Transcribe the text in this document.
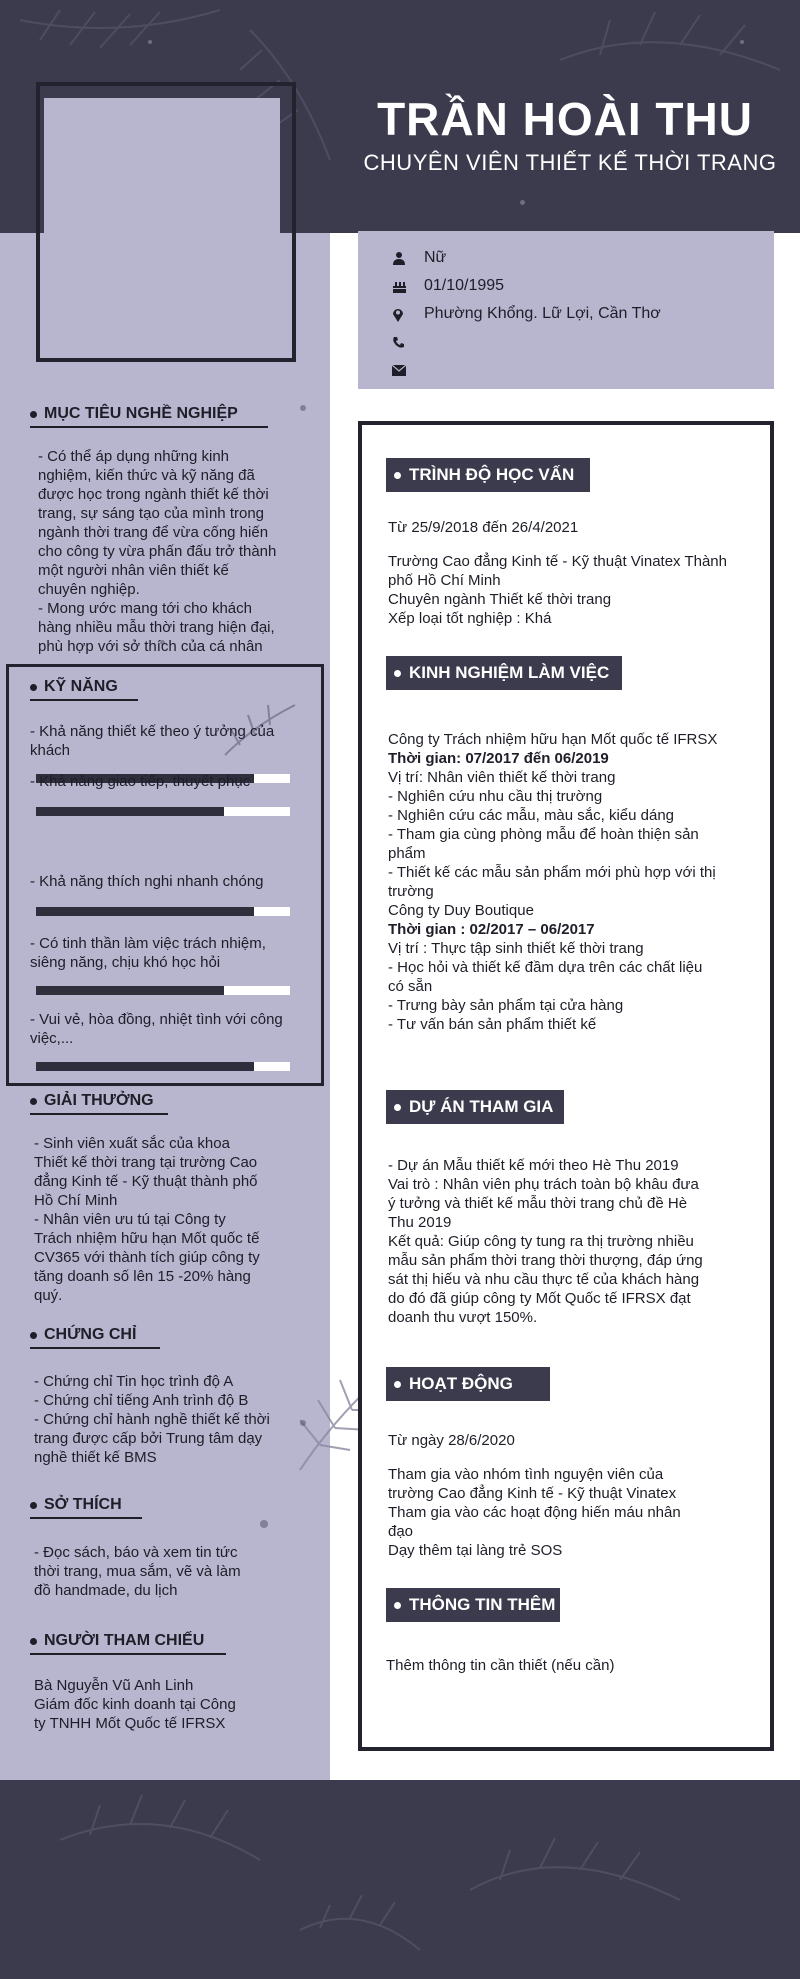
TRẦN HOÀI THU
CHUYÊN VIÊN THIẾT KẾ THỜI TRANG
Nữ
01/10/1995
Phường Khổng. Lữ Lợi, Cần Thơ
MỤC TIÊU NGHỀ NGHIỆP

- Có thể áp dụng những kinh

nghiệm, kiến thức và kỹ năng đã

được học trong ngành thiết kế thời

trang, sự sáng tạo của mình trong

ngành thời trang để vừa cống hiến

cho công ty vừa phấn đấu trở thành

một người nhân viên thiết kế

chuyên nghiệp.

- Mong ước mang tới cho khách

hàng nhiều mẫu thời trang hiện đại,

phù hợp với sở thích của cá nhân

KỸ NĂNG

- Khả năng thiết kế theo ý tưởng của

khách

- Khả năng giao tiếp, thuyết phục

- Khả năng thích nghi nhanh chóng

- Có tinh thần làm việc trách nhiệm,

siêng năng, chịu khó học hỏi

- Vui vẻ, hòa đồng, nhiệt tình với công

việc,...

GIẢI THƯỞNG

- Sinh viên xuất sắc của khoa

Thiết kế thời trang tại trường Cao

đẳng Kinh tế - Kỹ thuật thành phố

Hồ Chí Minh

- Nhân viên ưu tú tại Công ty

Trách nhiệm hữu hạn Mốt quốc tế

CV365 với thành tích giúp công ty

tăng doanh số lên 15 -20% hàng

quý.

CHỨNG CHỈ

- Chứng chỉ Tin học trình độ A

- Chứng chỉ tiếng Anh trình độ B

- Chứng chỉ hành nghề thiết kế thời

trang được cấp bởi Trung tâm dạy

nghề thiết kế BMS

SỞ THÍCH

- Đọc sách, báo và xem tin tức

thời trang, mua sắm, vẽ và làm

đồ handmade, du lịch

NGƯỜI THAM CHIẾU

Bà Nguyễn Vũ Anh Linh

Giám đốc kinh doanh tại Công

ty TNHH Mốt Quốc tế IFRSX

TRÌNH ĐỘ HỌC VẤN
Từ 25/9/2018 đến 26/4/2021

Trường Cao đẳng Kinh tế - Kỹ thuật Vinatex Thành

phố Hồ Chí Minh

Chuyên ngành Thiết kế thời trang

Xếp loại tốt nghiệp : Khá

KINH NGHIỆM LÀM VIỆC

Công ty Trách nhiệm hữu hạn Mốt quốc tế IFRSX

Thời gian: 07/2017 đến 06/2019

Vị trí: Nhân viên thiết kế thời trang

- Nghiên cứu nhu cầu thị trường

- Nghiên cứu các mẫu, màu sắc, kiểu dáng

- Tham gia cùng phòng mẫu để hoàn thiện sản

phẩm

- Thiết kế các mẫu sản phẩm mới phù hợp với thị

trường

Công ty Duy Boutique

Thời gian : 02/2017 – 06/2017

Vị trí : Thực tập sinh thiết kế thời trang

- Học hỏi và thiết kế đầm dựa trên các chất liệu

có sẵn

- Trưng bày sản phẩm tại cửa hàng

- Tư vấn bán sản phẩm thiết kế

DỰ ÁN THAM GIA

- Dự án Mẫu thiết kế mới theo Hè Thu 2019

Vai trò : Nhân viên phụ trách toàn bộ khâu đưa

ý tưởng và thiết kế mẫu thời trang chủ đề Hè

Thu 2019

Kết quả: Giúp công ty tung ra thị trường nhiều

mẫu sản phẩm thời trang thời thượng, đáp ứng

sát thị hiếu và nhu cầu thực tế của khách hàng

do đó đã giúp công ty Mốt Quốc tế IFRSX đạt

doanh thu vượt 150%.

HOẠT ĐỘNG
Từ ngày 28/6/2020

Tham gia vào nhóm tình nguyện viên của

trường Cao đẳng Kinh tế - Kỹ thuật Vinatex

Tham gia vào các hoạt động hiến máu nhân

đạo

Dạy thêm tại làng trẻ SOS

THÔNG TIN THÊM

Thêm thông tin cần thiết (nếu cần)
